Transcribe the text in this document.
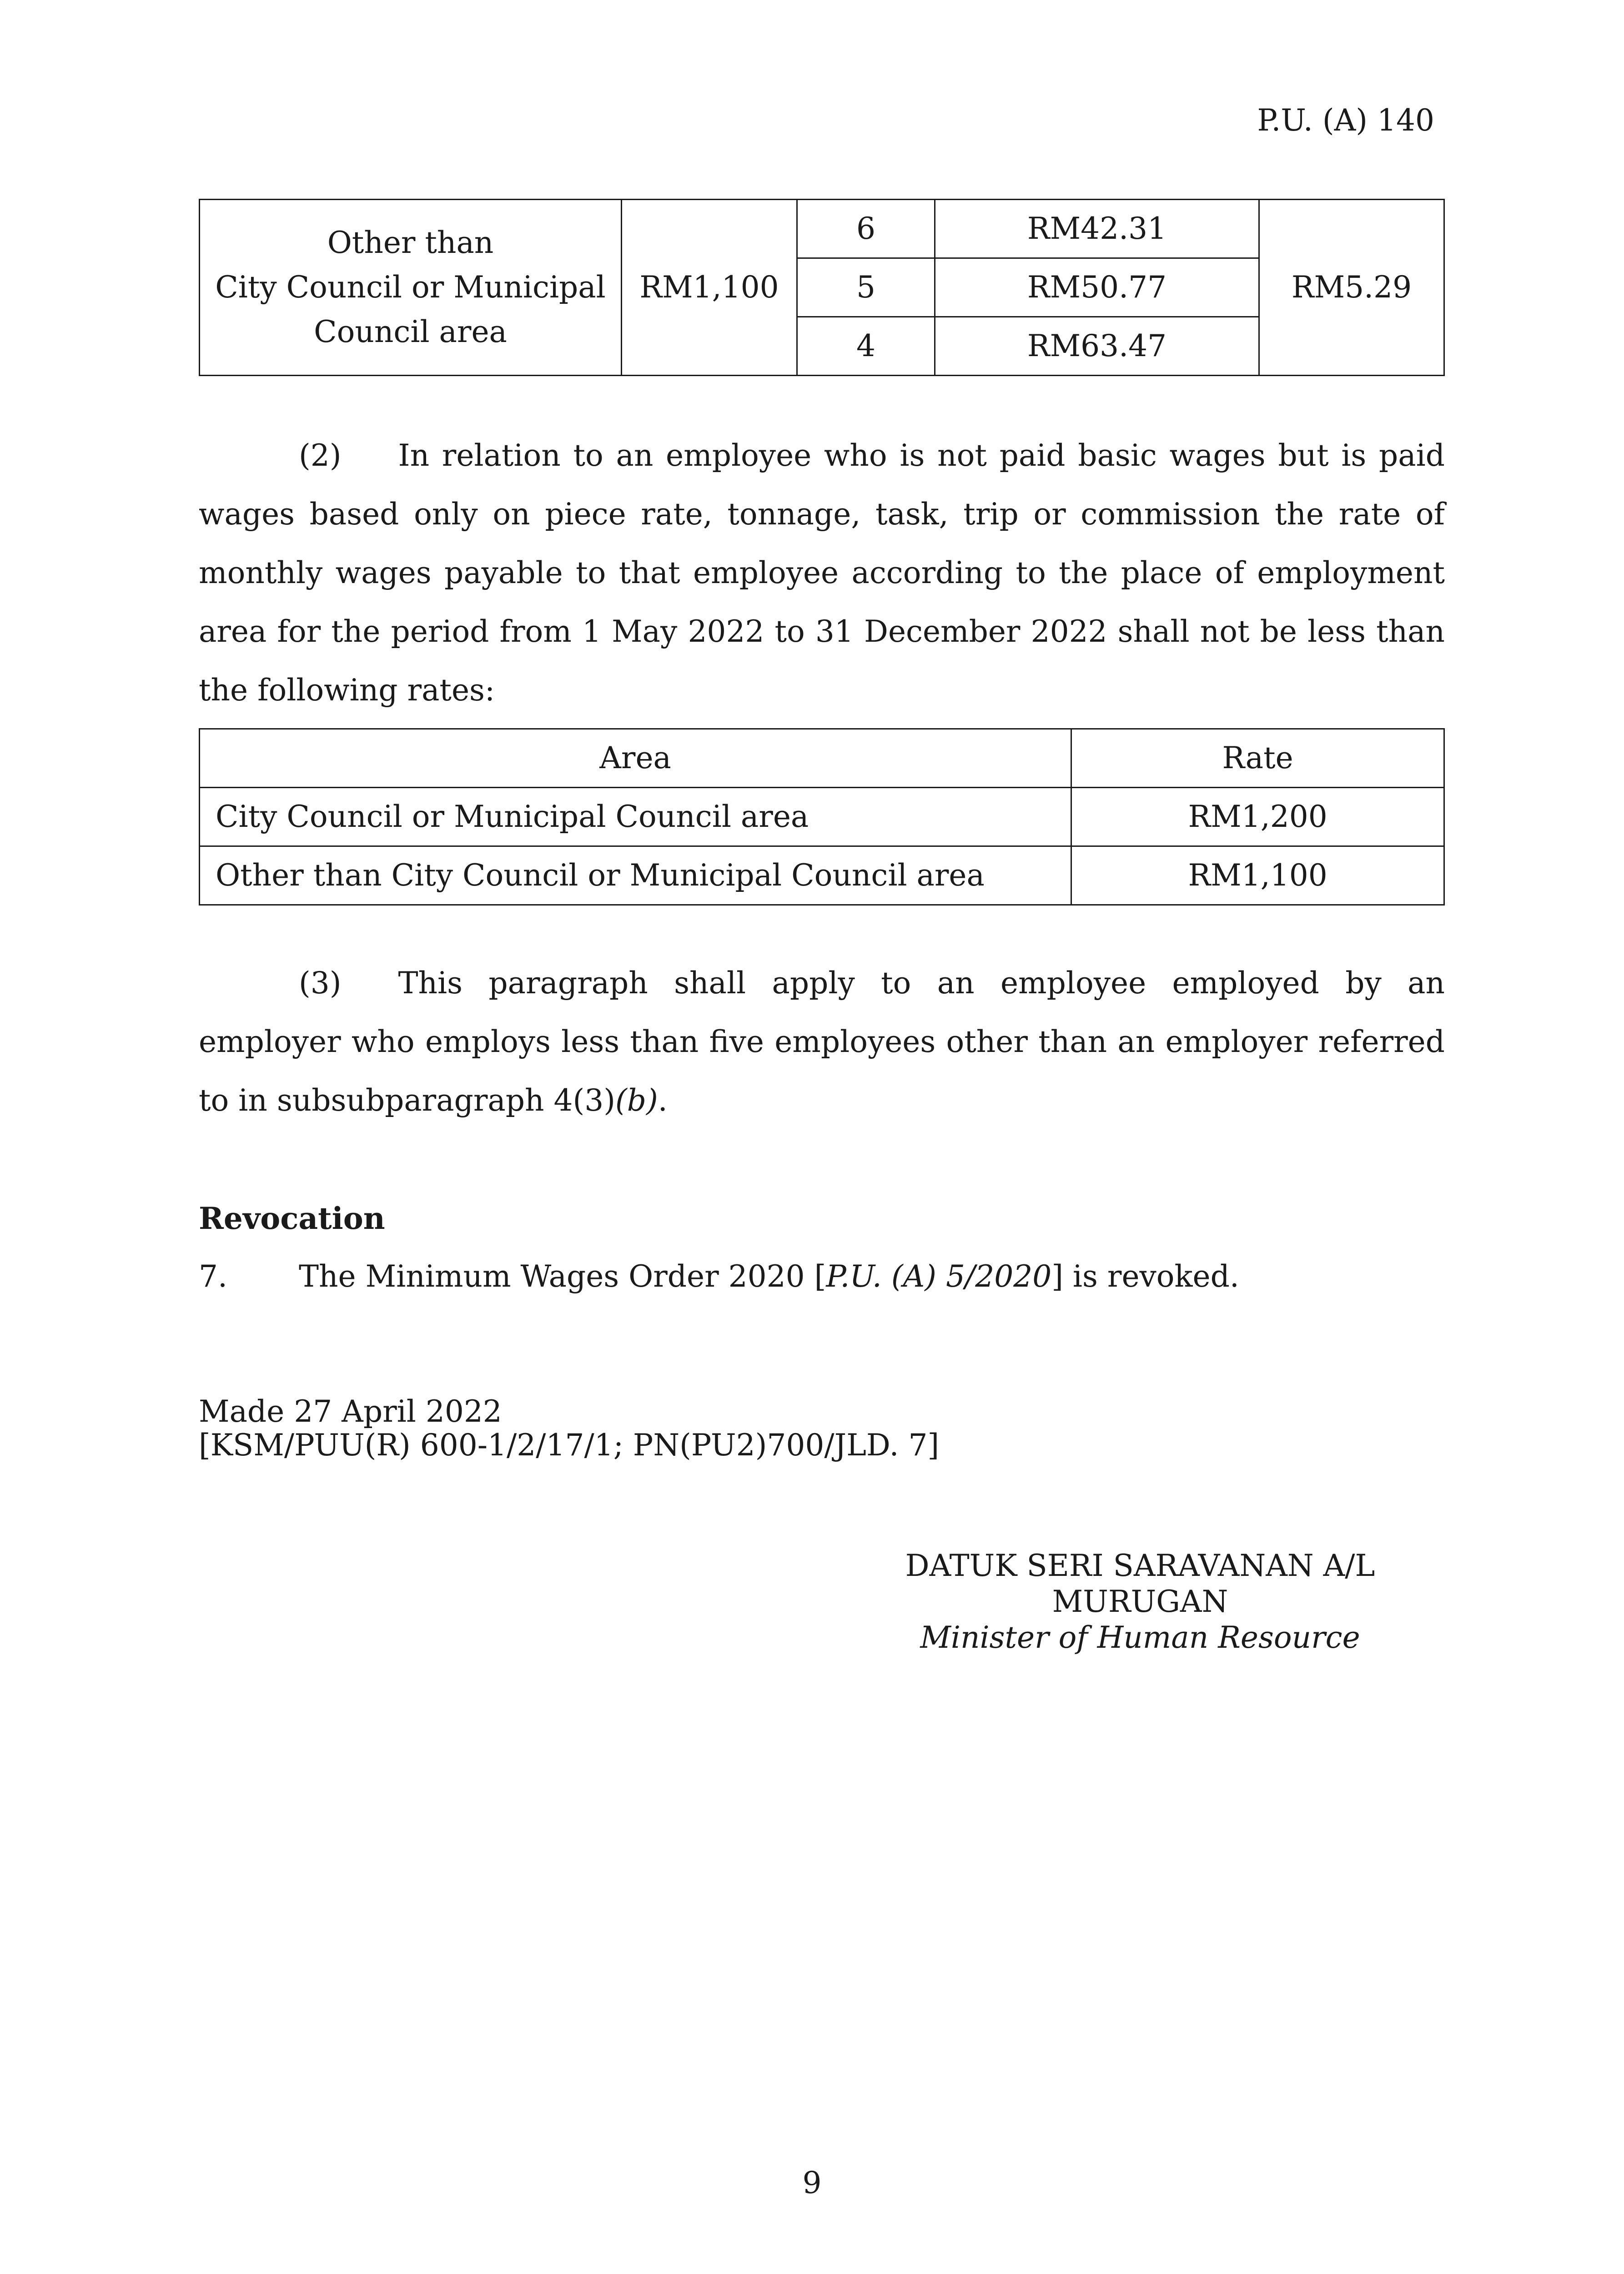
P.U. (A) 140
Other than
City Council or Municipal
Council area	RM1,100	6	RM42.31	RM5.29
		5	RM50.77	
		4	RM63.47	
(2) In relation to an employee who is not paid basic wages but is paid wages based only on piece rate, tonnage, task, trip or commission the rate of monthly wages payable to that employee according to the place of employment area for the period from 1 May 2022 to 31 December 2022 shall not be less than the following rates:
Area	Rate
City Council or Municipal Council area	RM1,200
Other than City Council or Municipal Council area	RM1,100
(3) This paragraph shall apply to an employee employed by an employer who employs less than five employees other than an employer referred to in subsubparagraph 4(3)(b).
Revocation
7. The Minimum Wages Order 2020 [P.U. (A) 5/2020] is revoked.
Made 27 April 2022
[KSM/PUU(R) 600-1/2/17/1; PN(PU2)700/JLD. 7]
DATUK SERI SARAVANAN A/L MURUGAN
Minister of Human Resource
9
